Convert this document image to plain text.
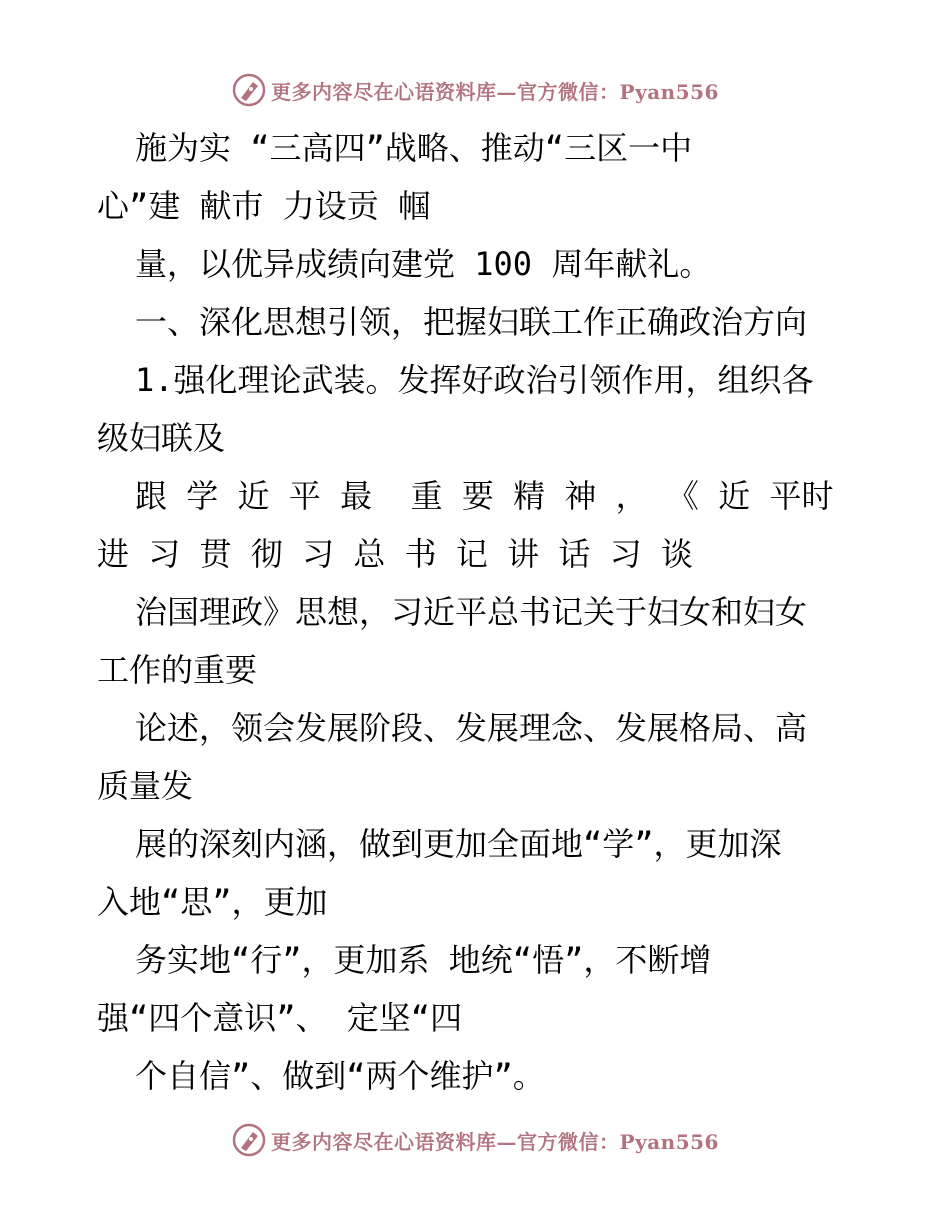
更多内容尽在心语资料库—官方微信：Pyan556
施为实 “三高四”战略、推动“三区一中
心”建 献巿 力设贡 帼
量，以优异成绩向建党 100 周年献礼。
一、深化思想引领，把握妇联工作正确政治方向
1.强化理论武装。发挥好政治引领作用，组织各
级妇联及
跟 学 近 平 最  重 要 精 神 ， 《 近 平时
进 习 贯 彻 习 总 书 记 讲 话 习 谈
治国理政》思想，习近平总书记关于妇女和妇女
工作的重要
论述，领会发展阶段、发展理念、发展格局、高
质量发
展的深刻内涵，做到更加全面地“学”，更加深
入地“思”，更加
务实地“行”，更加系 地统“悟”，不断增
强“四个意识”、 定坚“四
个自信”、做到“两个维护”。
更多内容尽在心语资料库—官方微信：Pyan556
